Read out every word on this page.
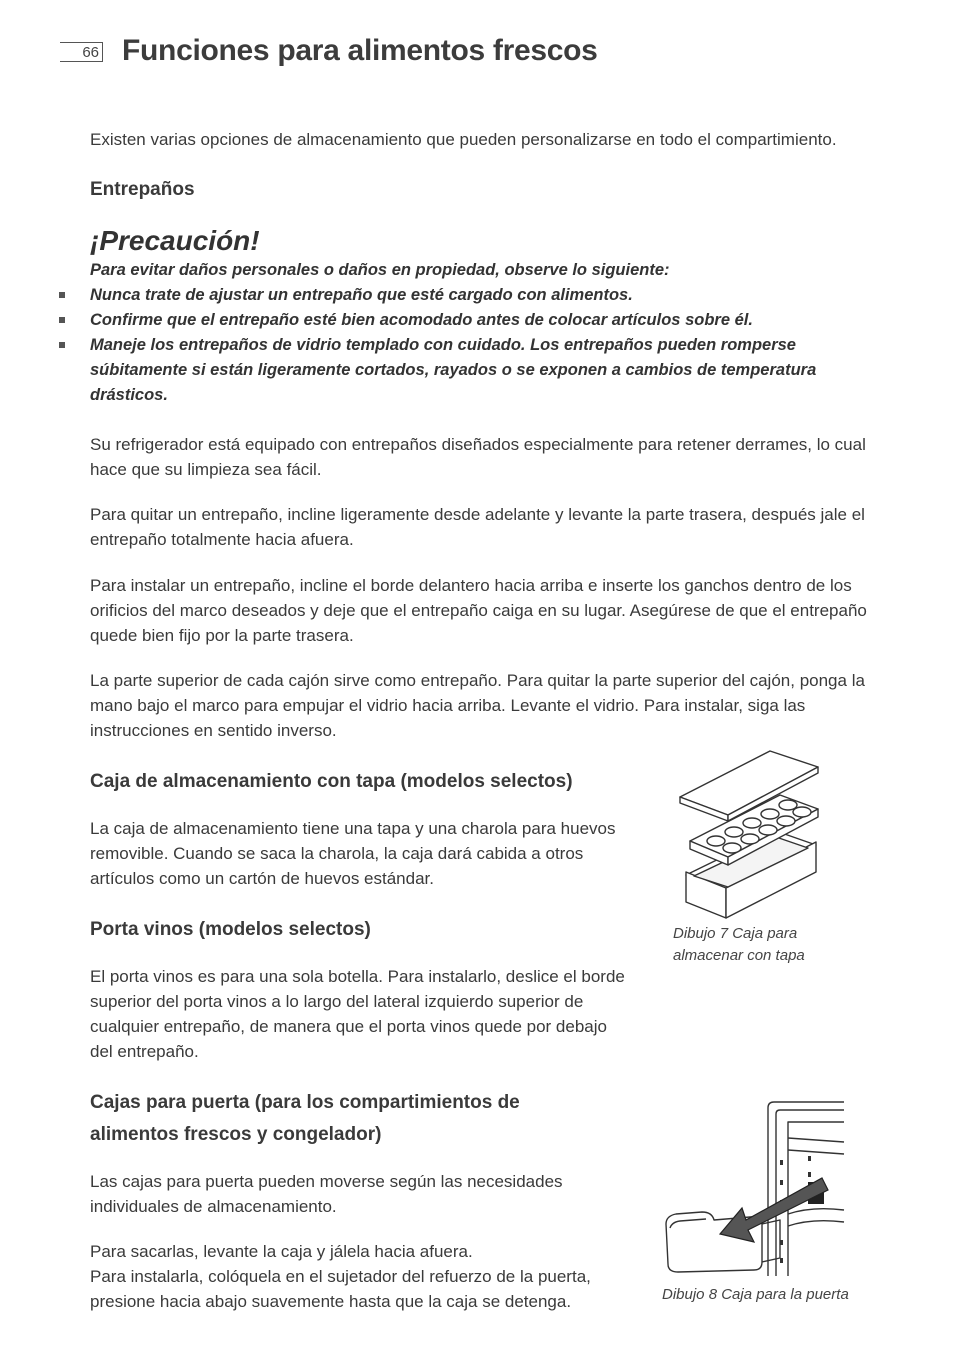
66 Funciones para alimentos frescos

Existen varias opciones de almacenamiento que pueden personalizarse en todo el compartimiento.

Entrepaños
¡Precaución!

Para evitar daños personales o daños en propiedad, observe lo siguiente:

Nunca trate de ajustar un entrepaño que esté cargado con alimentos.

Confirme que el entrepaño esté bien acomodado antes de colocar artículos sobre él.

Maneje los entrepaños de vidrio templado con cuidado. Los entrepaños pueden romperse súbitamente si están ligeramente cortados, rayados o se exponen a cambios de temperatura drásticos.

Su refrigerador está equipado con entrepaños diseñados especialmente para retener derrames, lo cual hace que su limpieza sea fácil.

Para quitar un entrepaño, incline ligeramente desde adelante y levante la parte trasera, después jale el entrepaño totalmente hacia afuera.

Para instalar un entrepaño, incline el borde delantero hacia arriba e inserte los ganchos dentro de los orificios del marco deseados y deje que el entrepaño caiga en su lugar. Asegúrese de que el entrepaño quede bien fijo por la parte trasera.

La parte superior de cada cajón sirve como entrepaño. Para quitar la parte superior del cajón, ponga la mano bajo el marco para empujar el vidrio hacia arriba. Levante el vidrio. Para instalar, siga las instrucciones en sentido inverso.

Caja de almacenamiento con tapa (modelos selectos)

La caja de almacenamiento tiene una tapa y una charola para huevos removible. Cuando se saca la charola, la caja dará cabida a otros artículos como un cartón de huevos estándar.

Dibujo 7 Caja para almacenar con tapa

Porta vinos (modelos selectos)

El porta vinos es para una sola botella. Para instalarlo, deslice el borde superior del porta vinos a lo largo del lateral izquierdo superior de cualquier entrepaño, de manera que el porta vinos quede por debajo del entrepaño.

Cajas para puerta (para los compartimientos de alimentos frescos y congelador)

Las cajas para puerta pueden moverse según las necesidades individuales de almacenamiento.

Para sacarlas, levante la caja y jálela hacia afuera.

Para instalarla, colóquela en el sujetador del refuerzo de la puerta, presione hacia abajo suavemente hasta que la caja se detenga.	Dibujo 8 Caja para la puerta
